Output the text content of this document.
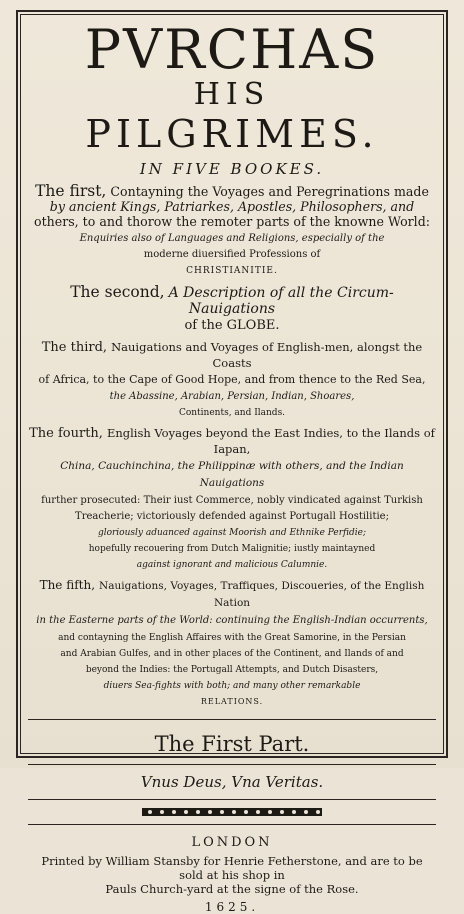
PVRCHAS
HIS
PILGRIMES.
IN FIVE BOOKES.
The first, Contayning the Voyages and Peregrinations made
by ancient Kings, Patriarkes, Apostles, Philosophers, and
others, to and thorow the remoter parts of the knowne World:
Enquiries also of Languages and Religions, especially of the
moderne diuersified Professions of
CHRISTIANITIE.
The second, A Description of all the Circum-Nauigations
of the GLOBE.
The third, Nauigations and Voyages of English-men, alongst the Coasts
of Africa, to the Cape of Good Hope, and from thence to the Red Sea,
the Abassine, Arabian, Persian, Indian, Shoares,
Continents, and Ilands.
The fourth, English Voyages beyond the East Indies, to the Ilands of Iapan,
China, Cauchinchina, the Philippinæ with others, and the Indian Nauigations
further prosecuted: Their iust Commerce, nobly vindicated against Turkish
Treacherie; victoriously defended against Portugall Hostilitie;
gloriously aduanced against Moorish and Ethnike Perfidie;
hopefully recouering from Dutch Malignitie; iustly maintayned
against ignorant and malicious Calumnie.
The fifth, Nauigations, Voyages, Traffiques, Discoueries, of the English Nation
in the Easterne parts of the World: continuing the English-Indian occurrents,
and contayning the English Affaires with the Great Samorine, in the Persian
and Arabian Gulfes, and in other places of the Continent, and Ilands of and
beyond the Indies: the Portugall Attempts, and Dutch Disasters,
diuers Sea-fights with both; and many other remarkable
RELATIONS.
The First Part.
Vnus Deus, Vna Veritas.
LONDON
Printed by William Stansby for Henrie Fetherstone, and are to be sold at his shop in
Pauls Church-yard at the signe of the Rose.
1625.
